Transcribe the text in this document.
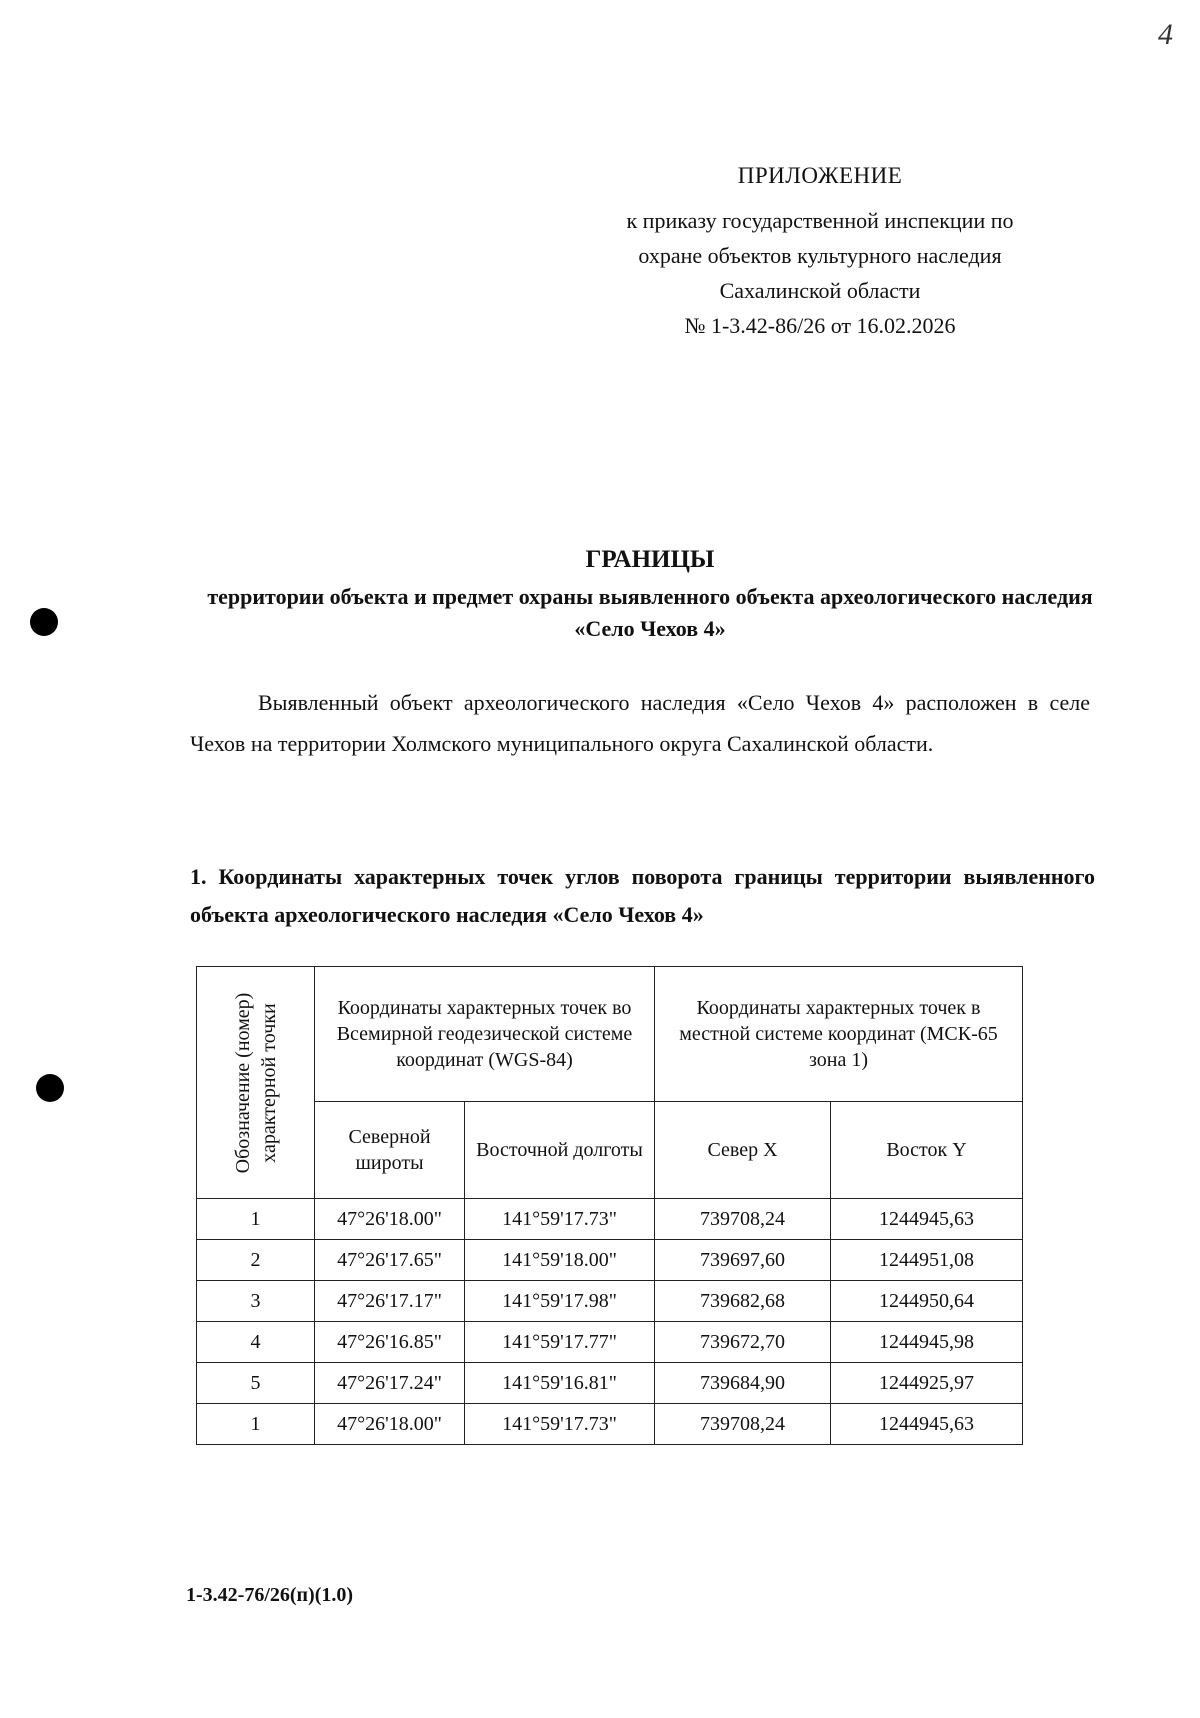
4
ПРИЛОЖЕНИЕ
к приказу государственной инспекции по
охране объектов культурного наследия
Сахалинской области
№ 1-3.42-86/26 от 16.02.2026
ГРАНИЦЫ
территории объекта и предмет охраны выявленного объекта археологического наследия «Село Чехов 4»
Выявленный объект археологического наследия «Село Чехов 4» расположен в селе Чехов на территории Холмского муниципального округа Сахалинской области.
1. Координаты характерных точек углов поворота границы территории выявленного объекта археологического наследия «Село Чехов 4»
Обозначение (номер) характерной точки	Координаты характерных точек во Всемирной геодезической системе координат (WGS-84)		Координаты характерных точек в местной системе координат (МСК-65 зона 1)	
	Северной широты	Восточной долготы	Север X	Восток Y
1	47°26'18.00"	141°59'17.73"	739708,24	1244945,63
2	47°26'17.65"	141°59'18.00"	739697,60	1244951,08
3	47°26'17.17"	141°59'17.98"	739682,68	1244950,64
4	47°26'16.85"	141°59'17.77"	739672,70	1244945,98
5	47°26'17.24"	141°59'16.81"	739684,90	1244925,97
1	47°26'18.00"	141°59'17.73"	739708,24	1244945,63
1-3.42-76/26(п)(1.0)
